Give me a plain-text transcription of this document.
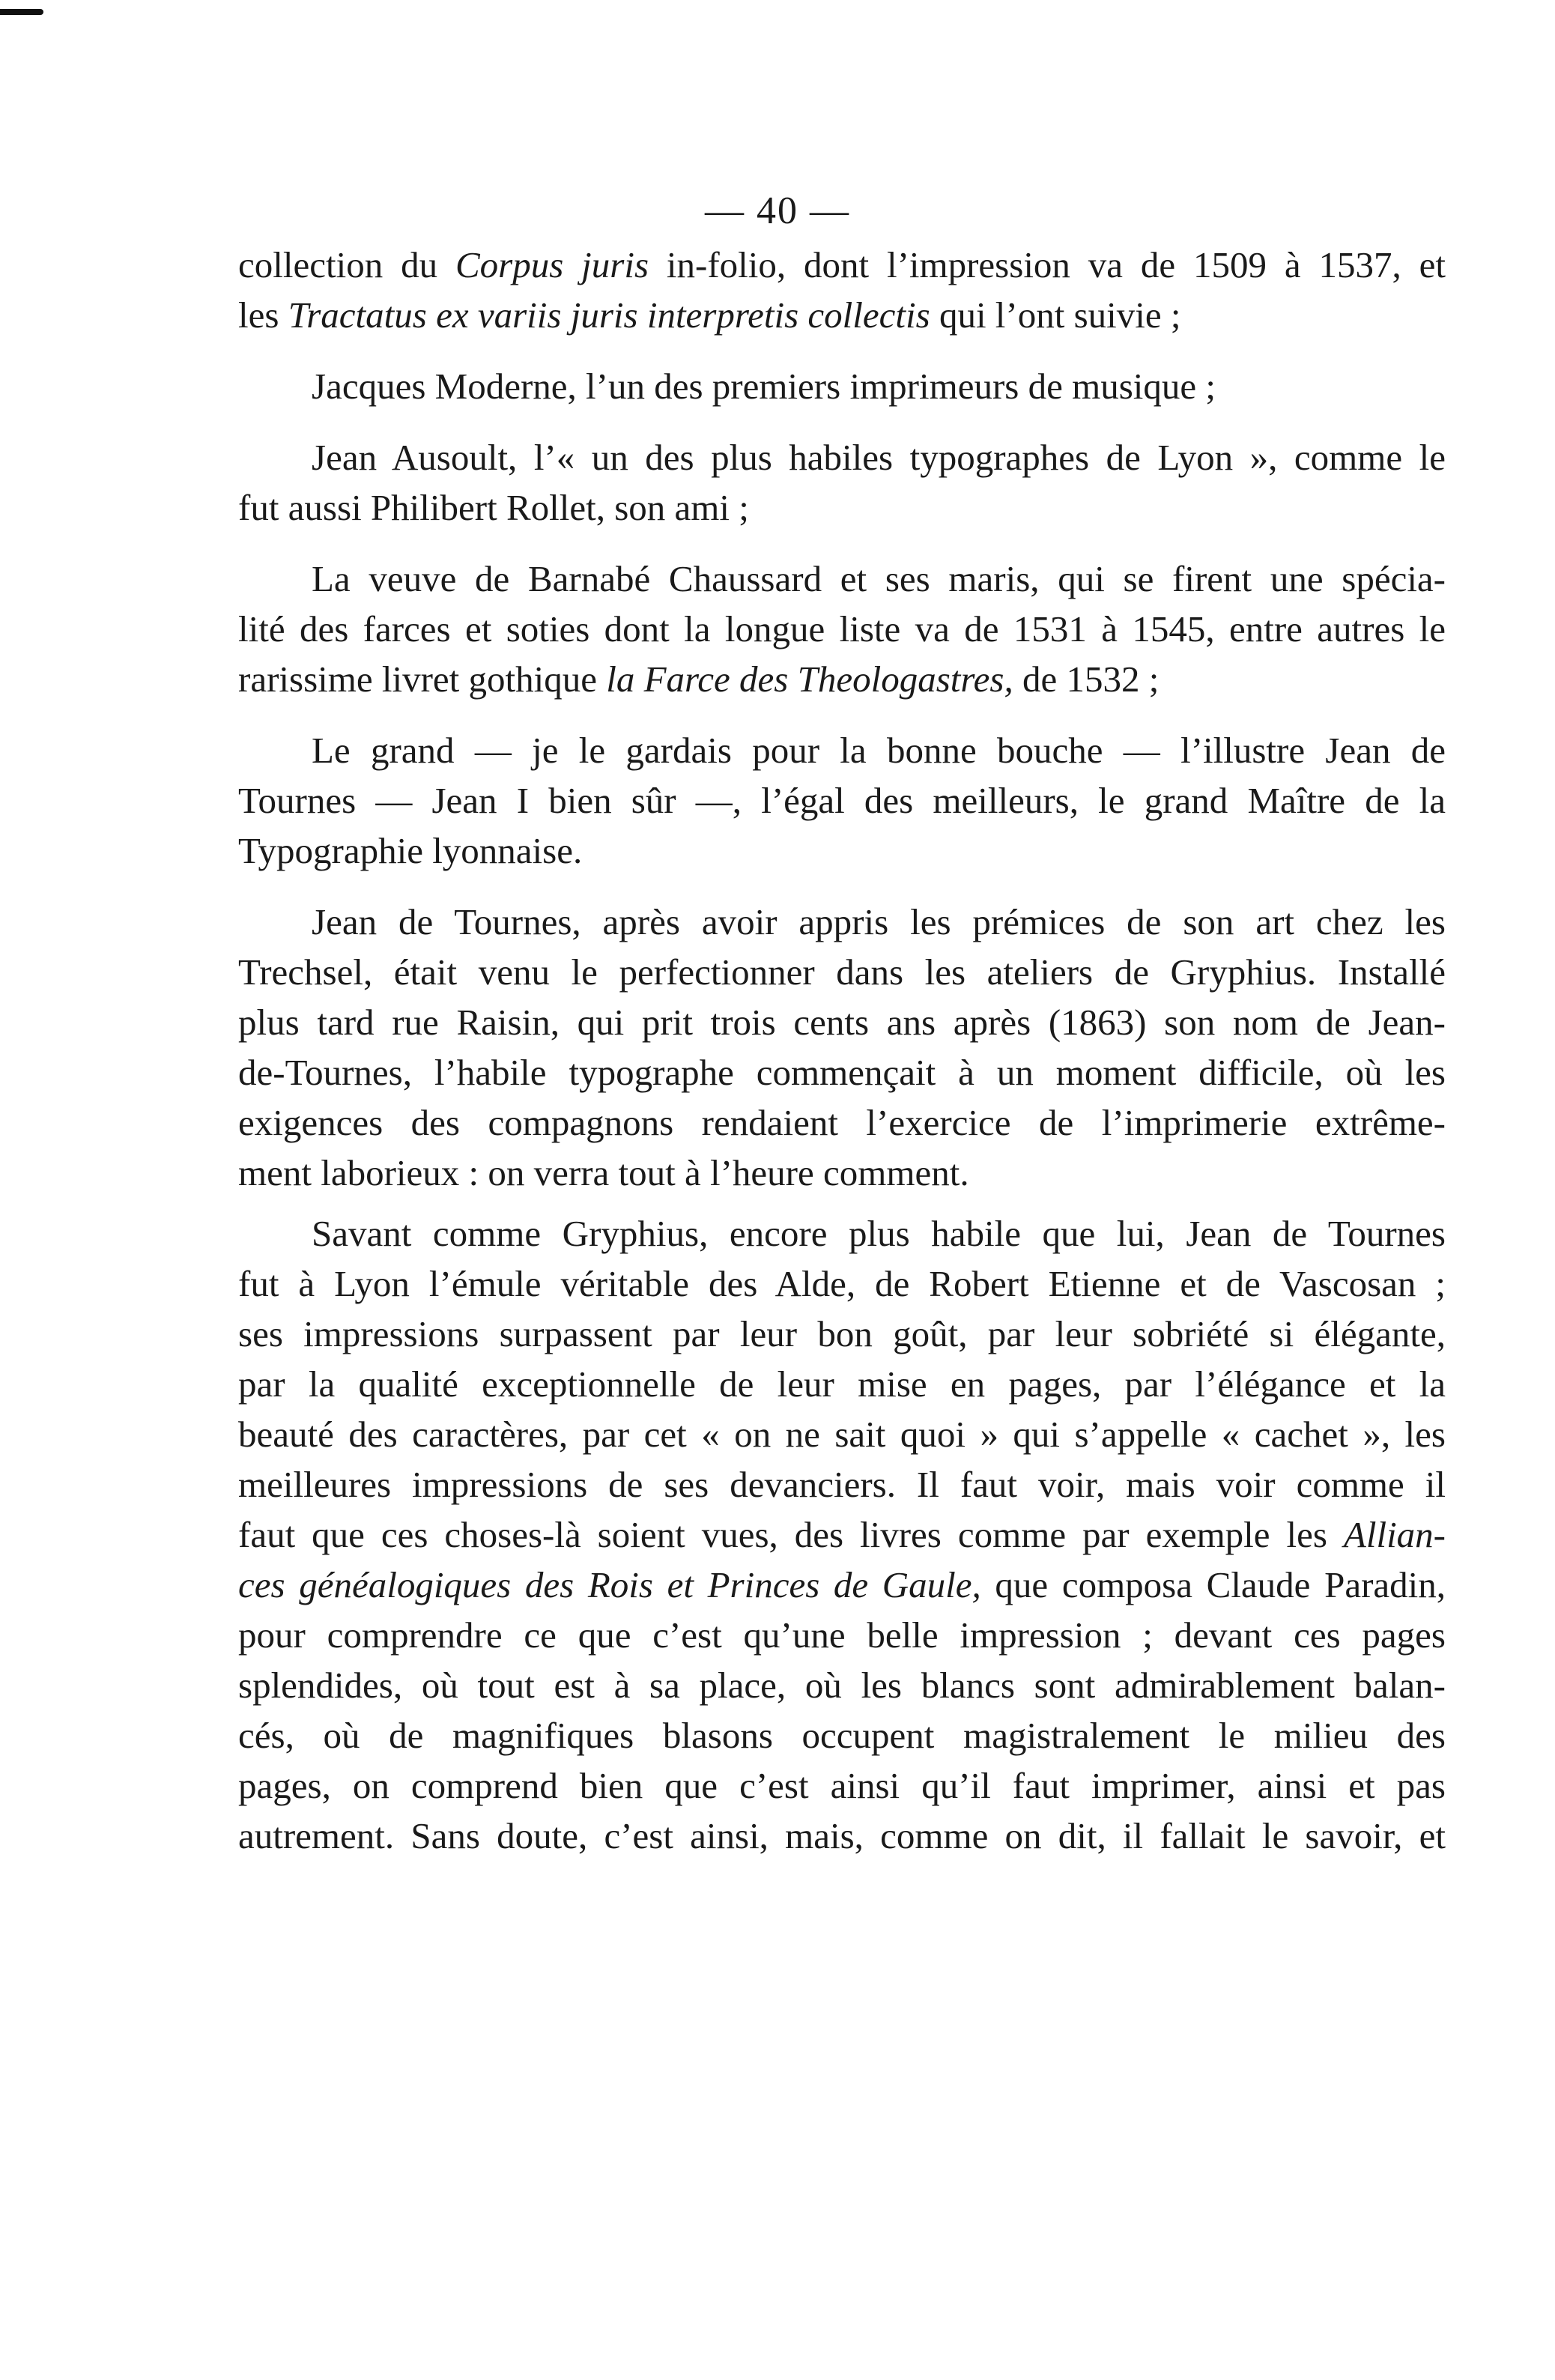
— 40 —
collection du Corpus juris in-folio, dont l’impression va de 1509 à 1537, et
les Tractatus ex variis juris interpretis collectis qui l’ont suivie ;
Jacques Moderne, l’un des premiers imprimeurs de musique ;
Jean Ausoult, l’« un des plus habiles typographes de Lyon », comme le
fut aussi Philibert Rollet, son ami ;
La veuve de Barnabé Chaussard et ses maris, qui se firent une spécia-
lité des farces et soties dont la longue liste va de 1531 à 1545, entre autres le
rarissime livret gothique la Farce des Theologastres, de 1532 ;
Le grand — je le gardais pour la bonne bouche — l’illustre Jean de
Tournes — Jean I bien sûr —, l’égal des meilleurs, le grand Maître de la
Typographie lyonnaise.
Jean de Tournes, après avoir appris les prémices de son art chez les
Trechsel, était venu le perfectionner dans les ateliers de Gryphius. Installé
plus tard rue Raisin, qui prit trois cents ans après (1863) son nom de Jean-
de-Tournes, l’habile typographe commençait à un moment difficile, où les
exigences des compagnons rendaient l’exercice de l’imprimerie extrême-
ment laborieux : on verra tout à l’heure comment.
Savant comme Gryphius, encore plus habile que lui, Jean de Tournes
fut à Lyon l’émule véritable des Alde, de Robert Etienne et de Vascosan ;
ses impressions surpassent par leur bon goût, par leur sobriété si élégante,
par la qualité exceptionnelle de leur mise en pages, par l’élégance et la
beauté des caractères, par cet « on ne sait quoi » qui s’appelle « cachet », les
meilleures impressions de ses devanciers. Il faut voir, mais voir comme il
faut que ces choses-là soient vues, des livres comme par exemple les Allian-
ces généalogiques des Rois et Princes de Gaule, que composa Claude Paradin,
pour comprendre ce que c’est qu’une belle impression ; devant ces pages
splendides, où tout est à sa place, où les blancs sont admirablement balan-
cés, où de magnifiques blasons occupent magistralement le milieu des
pages, on comprend bien que c’est ainsi qu’il faut imprimer, ainsi et pas
autrement. Sans doute, c’est ainsi, mais, comme on dit, il fallait le savoir, et
